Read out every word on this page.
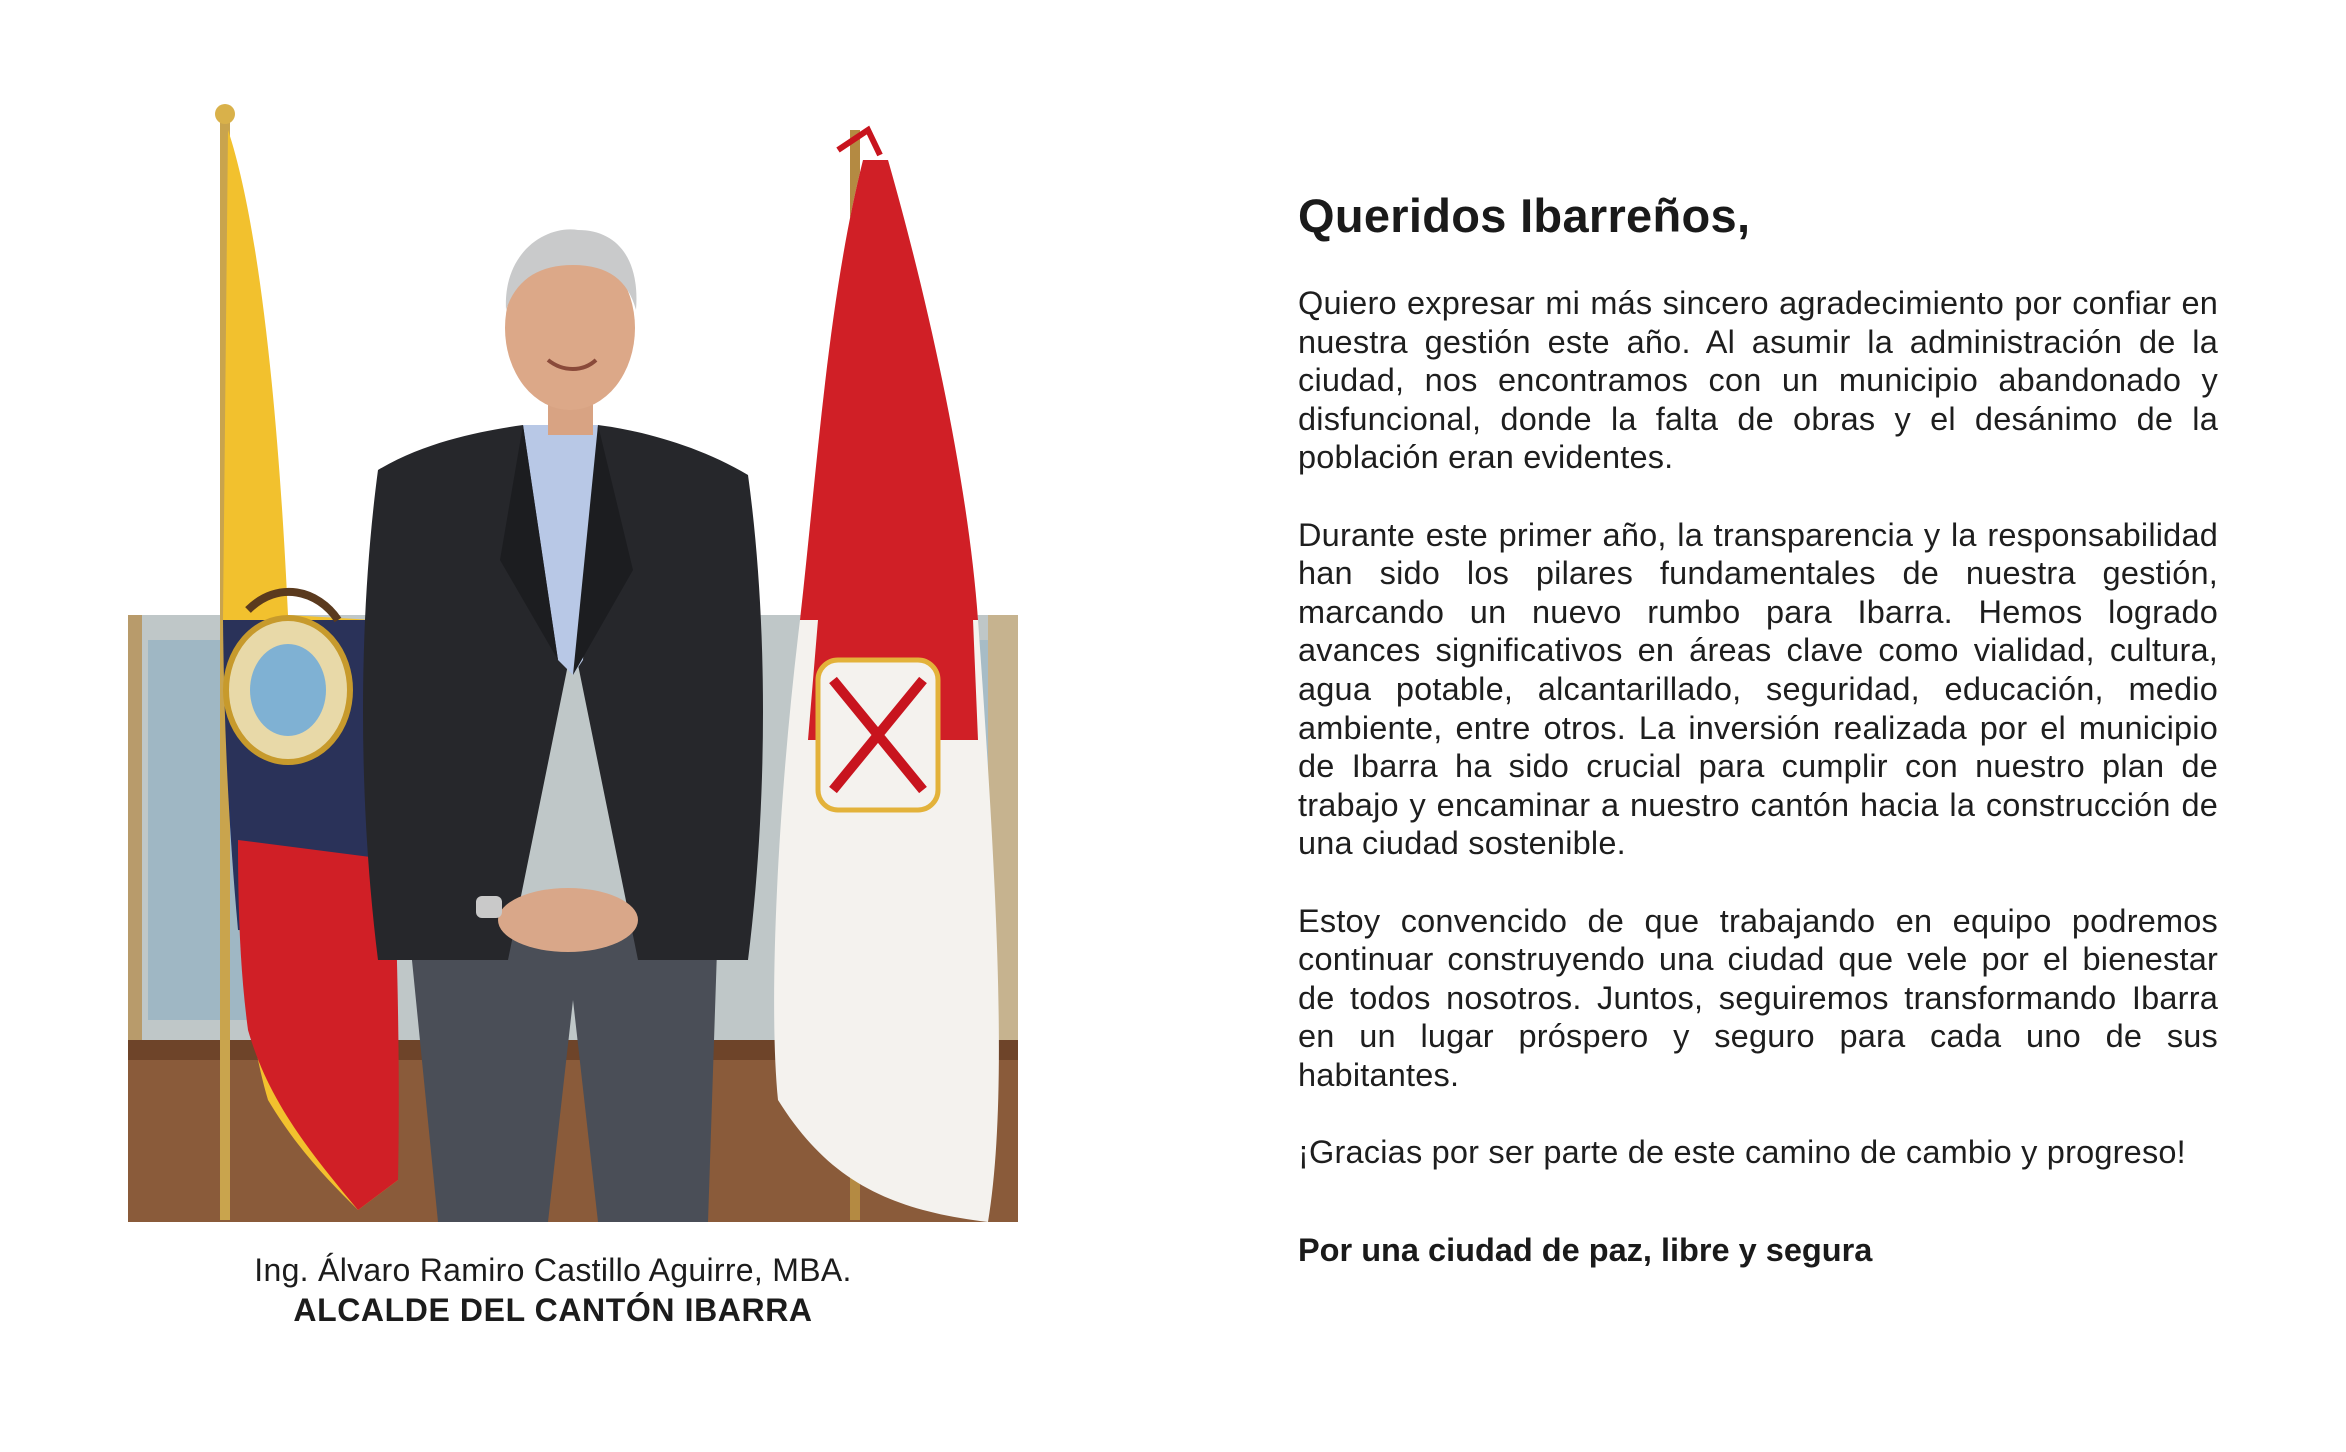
Ing. Álvaro Ramiro Castillo Aguirre, MBA.
ALCALDE DEL CANTÓN IBARRA
Queridos Ibarreños,

Quiero expresar mi más sincero agradecimiento por confiar en nuestra gestión este año. Al asumir la administración de la ciudad, nos encontramos con un municipio abandonado y disfuncional, donde la falta de obras y el desánimo de la población eran evidentes.

Durante este primer año, la transparencia y la responsabilidad han sido los pilares fundamentales de nuestra gestión, marcando un nuevo rumbo para Ibarra. Hemos logrado avances significativos en áreas clave como vialidad, cultura, agua potable, alcantarillado, seguridad, educación, medio ambiente, entre otros. La inversión realizada por el municipio de Ibarra ha sido crucial para cumplir con nuestro plan de trabajo y encaminar a nuestro cantón hacia la construcción de una ciudad sostenible.

Estoy convencido de que trabajando en equipo podremos continuar construyendo una ciudad que vele por el bienestar de todos nosotros. Juntos, seguiremos transformando Ibarra en un lugar próspero y seguro para cada uno de sus habitantes.

¡Gracias por ser parte de este camino de cambio y progreso!

Por una ciudad de paz, libre y segura
